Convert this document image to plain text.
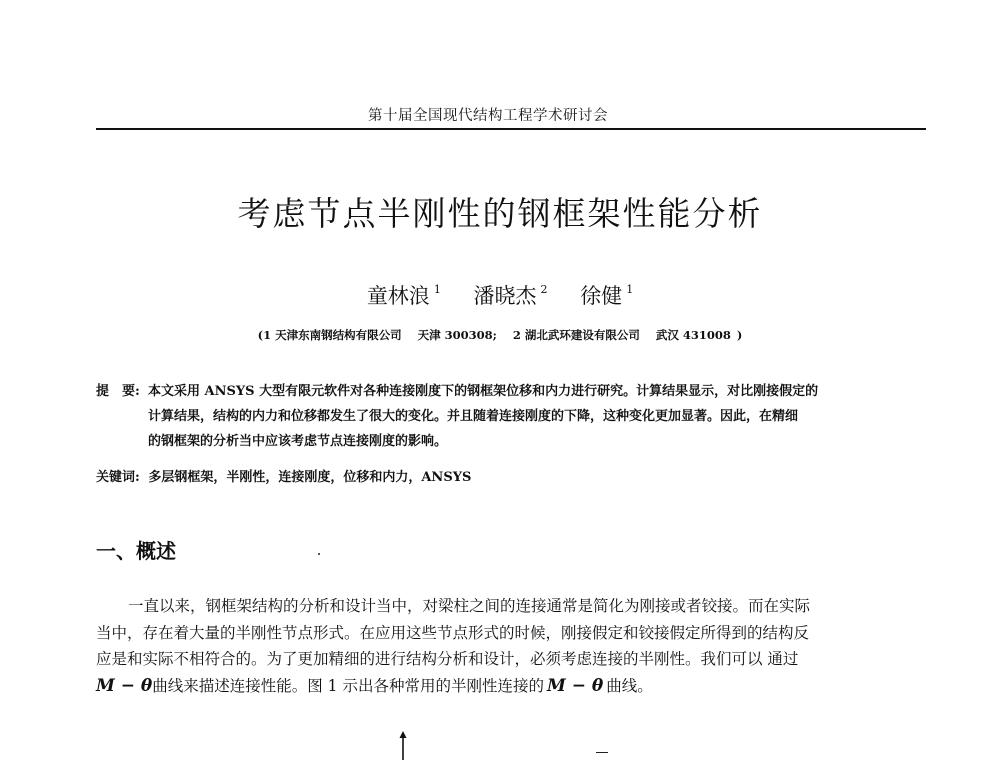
第十届全国现代结构工程学术研讨会
考虑节点半刚性的钢框架性能分析
童林浪 $^1$ 潘晓杰 $^2$ 徐健 $^1$
(1 天津东南钢结构有限公司 天津 300308; 2 湖北武环建设有限公司 武汉 431008 )
提　要: 本文采用 ANSYS 大型有限元软件对各种连接刚度下的钢框架位移和内力进行研究。计算结果显示，对比刚接假定的
计算结果，结构的内力和位移都发生了很大的变化。并且随着连接刚度的下降，这种变化更加显著。因此，在精细
的钢框架的分析当中应该考虑节点连接刚度的影响。
关键词: 多层钢框架，半刚性，连接刚度，位移和内力，ANSYS
一、概述
一直以来，钢框架结构的分析和设计当中，对梁柱之间的连接通常是简化为刚接或者铰接。而在实际
当中，存在着大量的半刚性节点形式。在应用这些节点形式的时候，刚接假定和铰接假定所得到的结构反
应是和实际不相符合的。为了更加精细的进行结构分析和设计，必须考虑连接的半刚性。我们可以 通过
M − θ曲线来描述连接性能。图 1 示出各种常用的半刚性连接的 M − θ 曲线。
